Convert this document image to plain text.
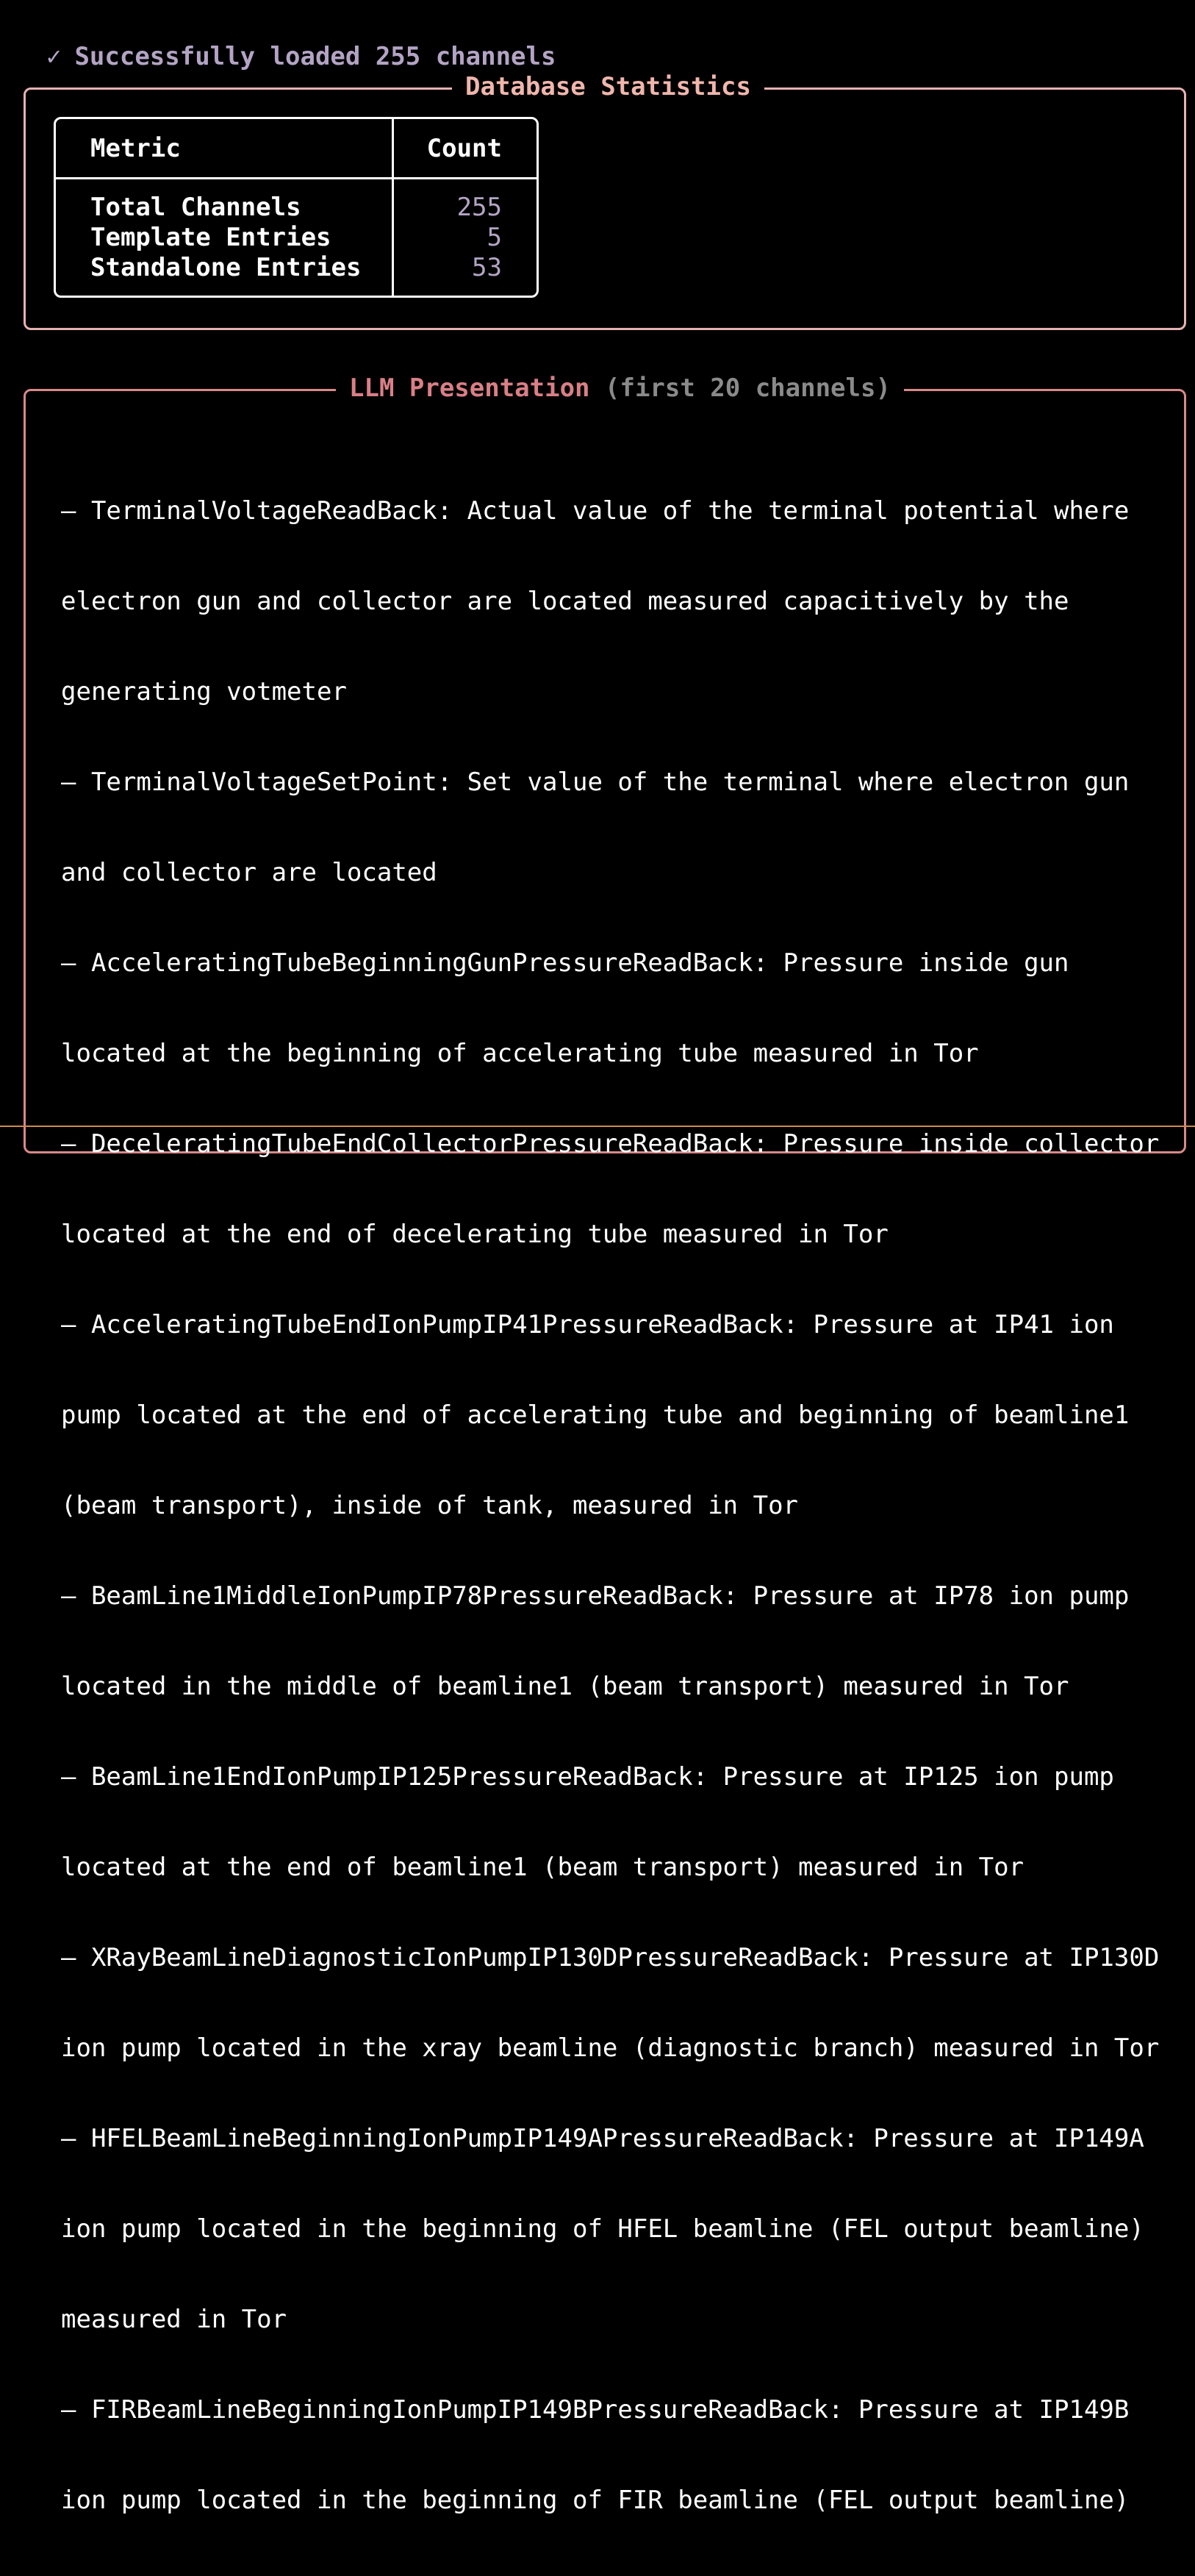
✓ Successfully loaded 255 channels

Database Statistics
Metric	Count
Total Channels	255
Template Entries	5
Standalone Entries	53
LLM Presentation (first 20 channels)

– TerminalVoltageReadBack: Actual value of the terminal potential where

electron gun and collector are located measured capacitively by the

generating votmeter

– TerminalVoltageSetPoint: Set value of the terminal where electron gun

and collector are located

– AcceleratingTubeBeginningGunPressureReadBack: Pressure inside gun

located at the beginning of accelerating tube measured in Tor

– DeceleratingTubeEndCollectorPressureReadBack: Pressure inside collector

located at the end of decelerating tube measured in Tor

– AcceleratingTubeEndIonPumpIP41PressureReadBack: Pressure at IP41 ion

pump located at the end of accelerating tube and beginning of beamline1

(beam transport), inside of tank, measured in Tor

– BeamLine1MiddleIonPumpIP78PressureReadBack: Pressure at IP78 ion pump

located in the middle of beamline1 (beam transport) measured in Tor

– BeamLine1EndIonPumpIP125PressureReadBack: Pressure at IP125 ion pump

located at the end of beamline1 (beam transport) measured in Tor

– XRayBeamLineDiagnosticIonPumpIP130DPressureReadBack: Pressure at IP130D

ion pump located in the xray beamline (diagnostic branch) measured in Tor

– HFELBeamLineBeginningIonPumpIP149APressureReadBack: Pressure at IP149A

ion pump located in the beginning of HFEL beamline (FEL output beamline)

measured in Tor

– FIRBeamLineBeginningIonPumpIP149BPressureReadBack: Pressure at IP149B

ion pump located in the beginning of FIR beamline (FEL output beamline)
